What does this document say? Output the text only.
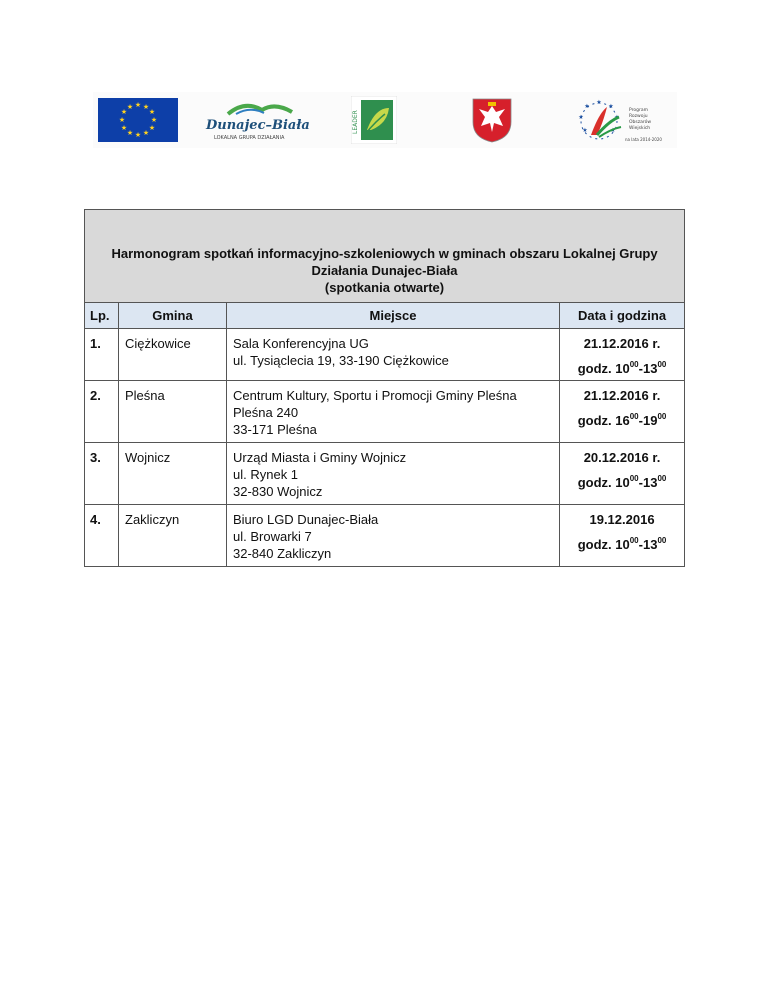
★ ★
★
★
★
★
★
★
★
★
★
★
Dunajec–Biała
LOKALNA GRUPA DZIAŁANIA
LEADER
★
★
★
★
★
★
★
Program
Rozwoju
Obszarów
Wiejskich
na lata 2014-2020
Harmonogram spotkań informacyjno-szkoleniowych w gminach obszaru Lokalnej Grupy
Działania Dunajec-Biała
(spotkania otwarte)			

Lp.	Gmina	Miejsce	Data i godzina
1.	Ciężkowice	Sala Konferencyjna UG
ul. Tysiąclecia 19, 33-190 Ciężkowice	21.12.2016 r.
godz. $10^{00}-13^{00}$

2.	Pleśna	Centrum Kultury, Sportu i Promocji Gminy Pleśna
Pleśna 240
33-171 Pleśna	21.12.2016 r.
godz. $16^{00}-19^{00}$

3.	Wojnicz	Urząd Miasta i Gminy Wojnicz
ul. Rynek 1
32-830 Wojnicz	20.12.2016 r.
godz. $10^{00}-13^{00}$

4.	Zakliczyn	Biuro LGD Dunajec-Biała
ul. Browarki 7
32-840 Zakliczyn	19.12.2016
godz. $10^{00}-13^{00}$
